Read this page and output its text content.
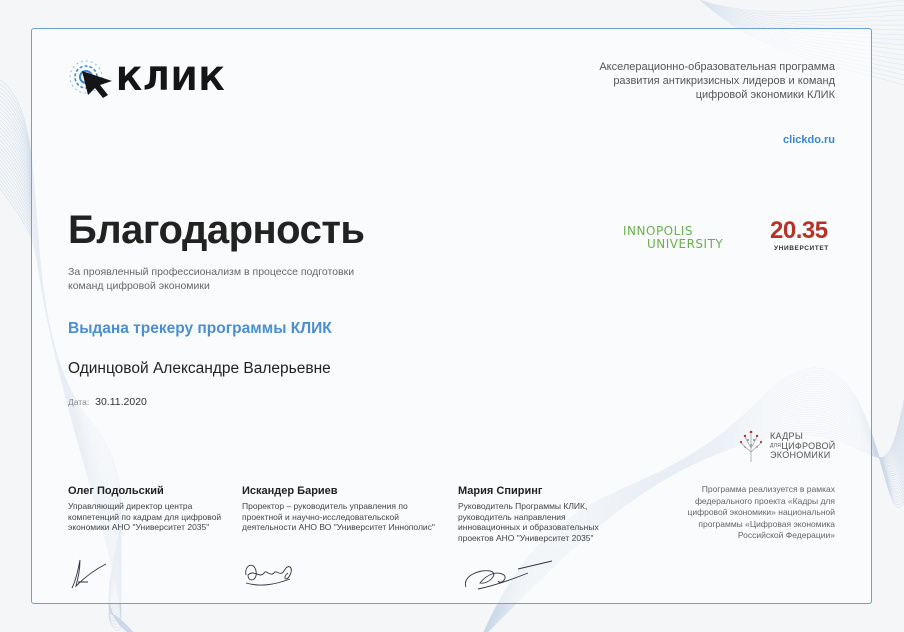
КЛИК	Акселерационно-образовательная программа развития антикризисных лидеров и команд цифровой экономики КЛИК
clickdo.ru
Благодарность
За проявленный профессионализм в процессе подготовки команд цифровой экономики
Выдана трекеру программы КЛИК
Одинцовой Александре Валерьевне
Дата: 30.11.2020
INNOPOLIS
UNIVERSITY 20.35
УНИВЕРСИТЕТ
КАДРЫ
$^{ДЛЯ}$ЦИФРОВОЙ
ЭКОНОМИКИ
Олег Подольский
Управляющий директор центра компетенций по кадрам для цифровой экономики АНО "Университет 2035"
Искандер Бариев
Проректор – руководитель управления по проектной и научно-исследовательской деятельности АНО ВО "Университет Иннополис"
Мария Спиринг
Руководитель Программы КЛИК, руководитель направления инновационных и образовательных проектов АНО "Университет 2035"
Программа реализуется в рамках федерального проекта «Кадры для цифровой экономики» национальной программы «Цифровая экономика Российской Федерации»
